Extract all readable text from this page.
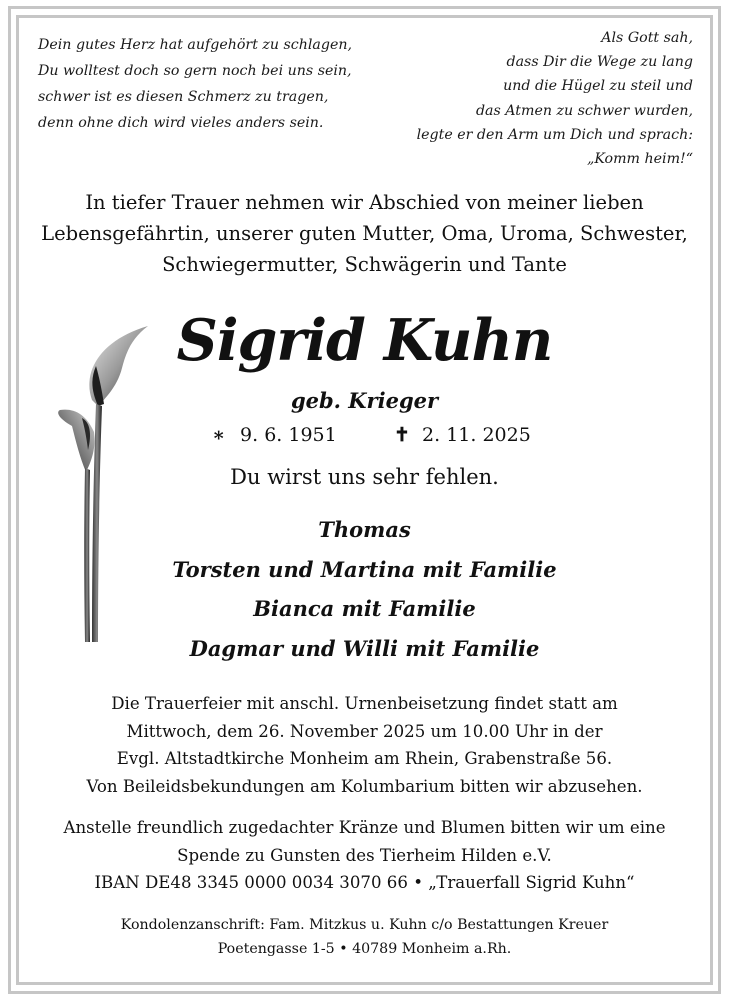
Dein gutes Herz hat aufgehört zu schlagen,
Du wolltest doch so gern noch bei uns sein,
schwer ist es diesen Schmerz zu tragen,
denn ohne dich wird vieles anders sein.
Als Gott sah,
dass Dir die Wege zu lang
und die Hügel zu steil und
das Atmen zu schwer wurden,
legte er den Arm um Dich und sprach:
„Komm heim!“
In tiefer Trauer nehmen wir Abschied von meiner lieben
Lebensgefährtin, unserer guten Mutter, Oma, Uroma, Schwester,
Schwiegermutter, Schwägerin und Tante
Sigrid Kuhn
geb. Krieger
∗ 9. 6. 1951	✝ 2. 11. 2025
Du wirst uns sehr fehlen.
Thomas
Torsten und Martina mit Familie
Bianca mit Familie
Dagmar und Willi mit Familie
Die Trauerfeier mit anschl. Urnenbeisetzung findet statt am
Mittwoch, dem 26. November 2025 um 10.00 Uhr in der
Evgl. Altstadtkirche Monheim am Rhein, Grabenstraße 56.
Von Beileidsbekundungen am Kolumbarium bitten wir abzusehen.
Anstelle freundlich zugedachter Kränze und Blumen bitten wir um eine
Spende zu Gunsten des Tierheim Hilden e.V.
IBAN DE48 3345 0000 0034 3070 66 • „Trauerfall Sigrid Kuhn“
Kondolenzanschrift: Fam. Mitzkus u. Kuhn c/o Bestattungen Kreuer
Poetengasse 1-5 • 40789 Monheim a.Rh.
